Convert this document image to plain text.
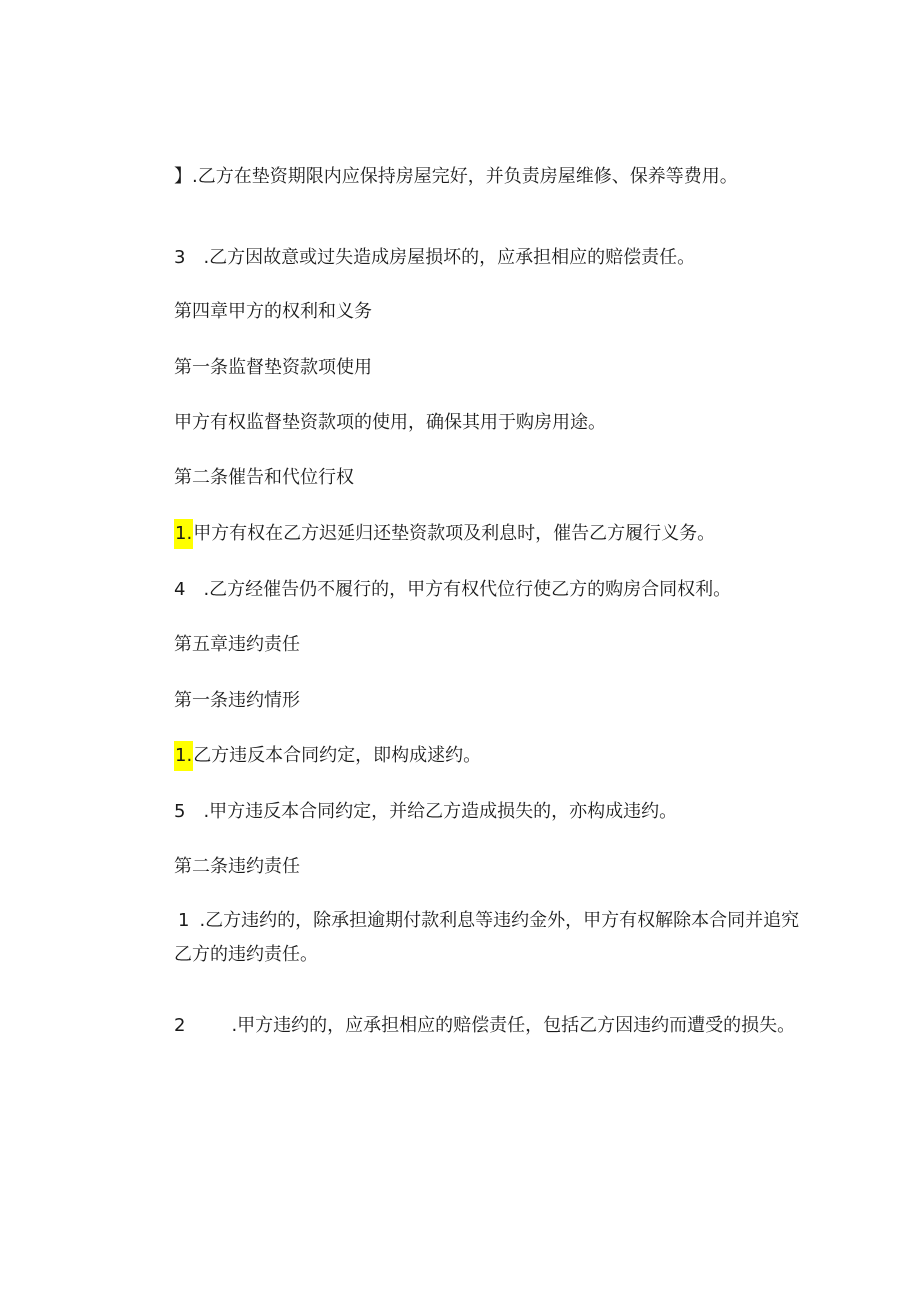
】.乙方在垫资期限内应保持房屋完好，并负责房屋维修、保养等费用。

3 .乙方因故意或过失造成房屋损坏的，应承担相应的赔偿责任。

第四章甲方的权利和义务

第一条监督垫资款项使用

甲方有权监督垫资款项的使用，确保其用于购房用途。

第二条催告和代位行权

1.甲方有权在乙方迟延归还垫资款项及利息时，催告乙方履行义务。

4 .乙方经催告仍不履行的，甲方有权代位行使乙方的购房合同权利。

第五章违约责任

第一条违约情形

1.乙方违反本合同约定，即构成逑约。

5 .甲方违反本合同约定，并给乙方造成损失的，亦构成违约。

第二条违约责任

1 .乙方违约的，除承担逾期付款利息等违约金外，甲方有权解除本合同并追究乙方的违约责任。

2	.甲方违约的，应承担相应的赔偿责任，包括乙方因违约而遭受的损失。
